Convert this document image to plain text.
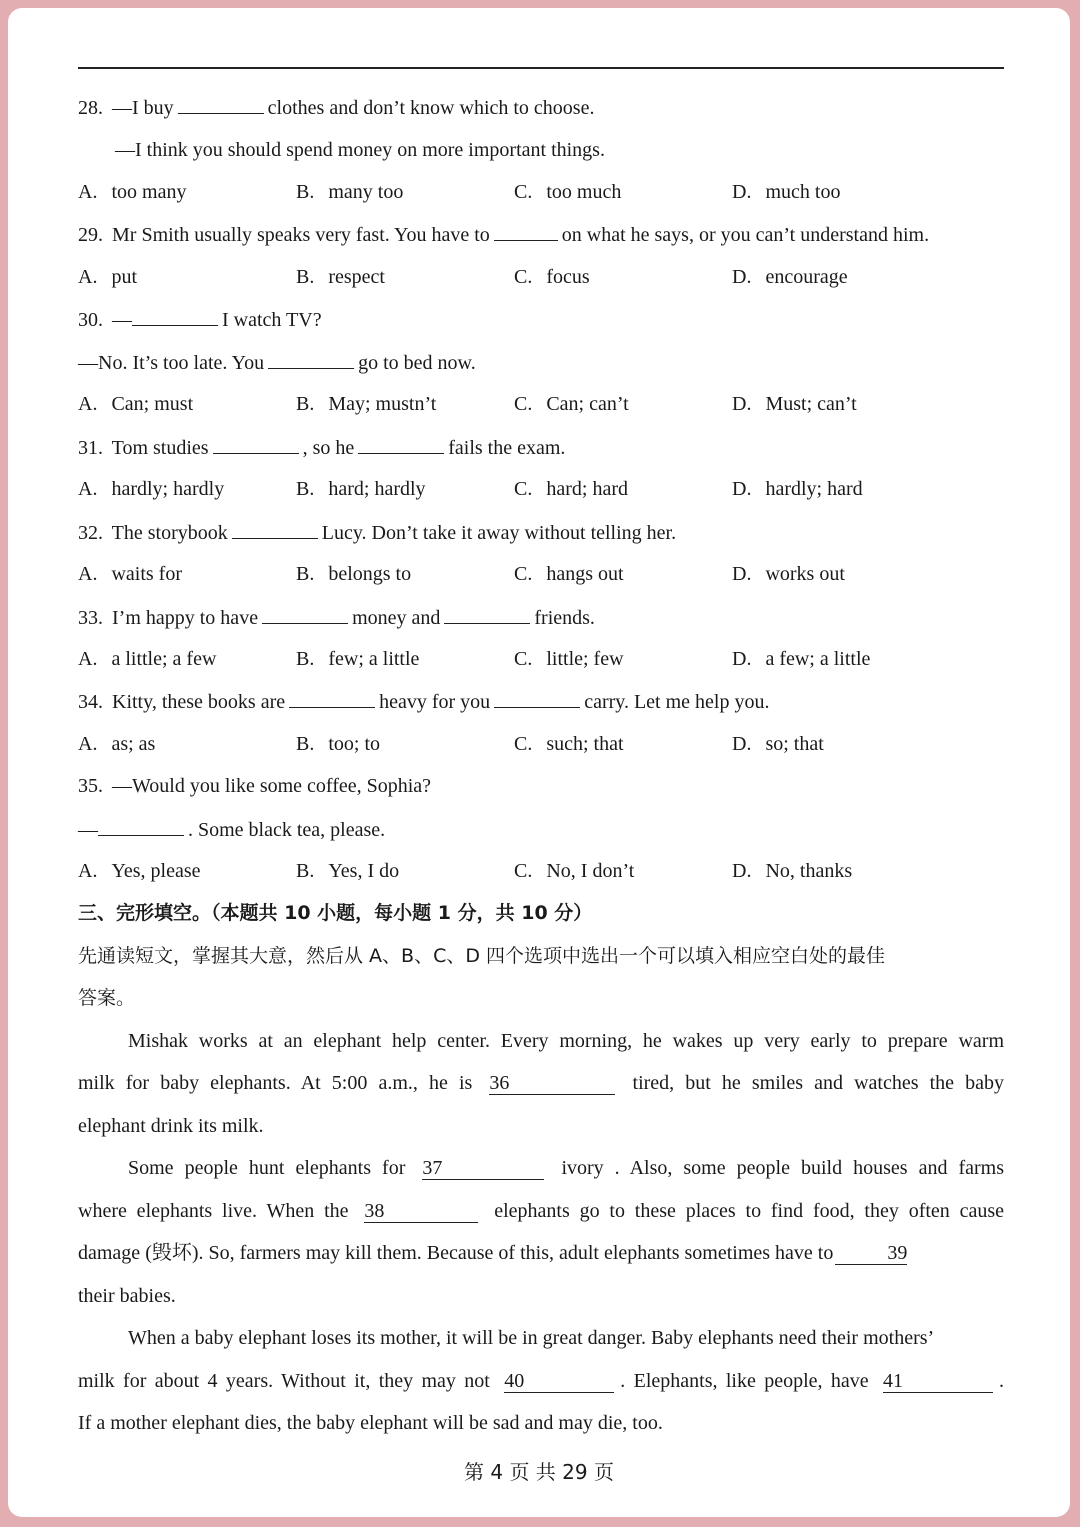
28. —I buy	clothes and don’t know which to choose.
—I think you should spend money on more important things.
A. too many	B. many too	C. too much	D. much too
29. Mr Smith usually speaks very fast. You have to	on what he says, or you can’t understand him.
A. put	B. respect	C. focus	D. encourage
30. —	I watch TV?
—No. It’s too late. You	go to bed now.
A. Can; must	B. May; mustn’t	C. Can; can’t	D. Must; can’t
31. Tom studies	, so he	fails the exam.
A. hardly; hardly	B. hard; hardly	C. hard; hard	D. hardly; hard
32. The storybook	Lucy. Don’t take it away without telling her.
A. waits for	B. belongs to	C. hangs out	D. works out
33. I’m happy to have	money and	friends.
A. a little; a few	B. few; a little	C. little; few	D. a few; a little
34. Kitty, these books are	heavy for you	carry. Let me help you.
A. as; as	B. too; to	C. such; that	D. so; that
35. —Would you like some coffee, Sophia?
—	. Some black tea, please.
A. Yes, please	B. Yes, I do	C. No, I don’t	D. No, thanks
三、完形填空。（本题共 10 小题，每小题 1 分，共 10 分）
先通读短文，掌握其大意，然后从 A、B、C、D 四个选项中选出一个可以填入相应空白处的最佳
答案。
Mishak works at an elephant help center. Every morning, he wakes up very early to prepare warm
milk for baby elephants. At 5:00 a.m., he is 36	tired, but he smiles and watches the baby
elephant drink its milk.
Some people hunt elephants for 37	ivory . Also, some people build houses and farms
where elephants live. When the 38	elephants go to these places to find food, they often cause
damage (毁坏). So, farmers may kill them. Because of this, adult elephants sometimes have to	39
their babies.
When a baby elephant loses its mother, it will be in great danger. Baby elephants need their mothers’
milk for about 4 years. Without it, they may not 40	. Elephants, like people, have 41	.
If a mother elephant dies, the baby elephant will be sad and may die, too.
第 4 页 共 29 页
